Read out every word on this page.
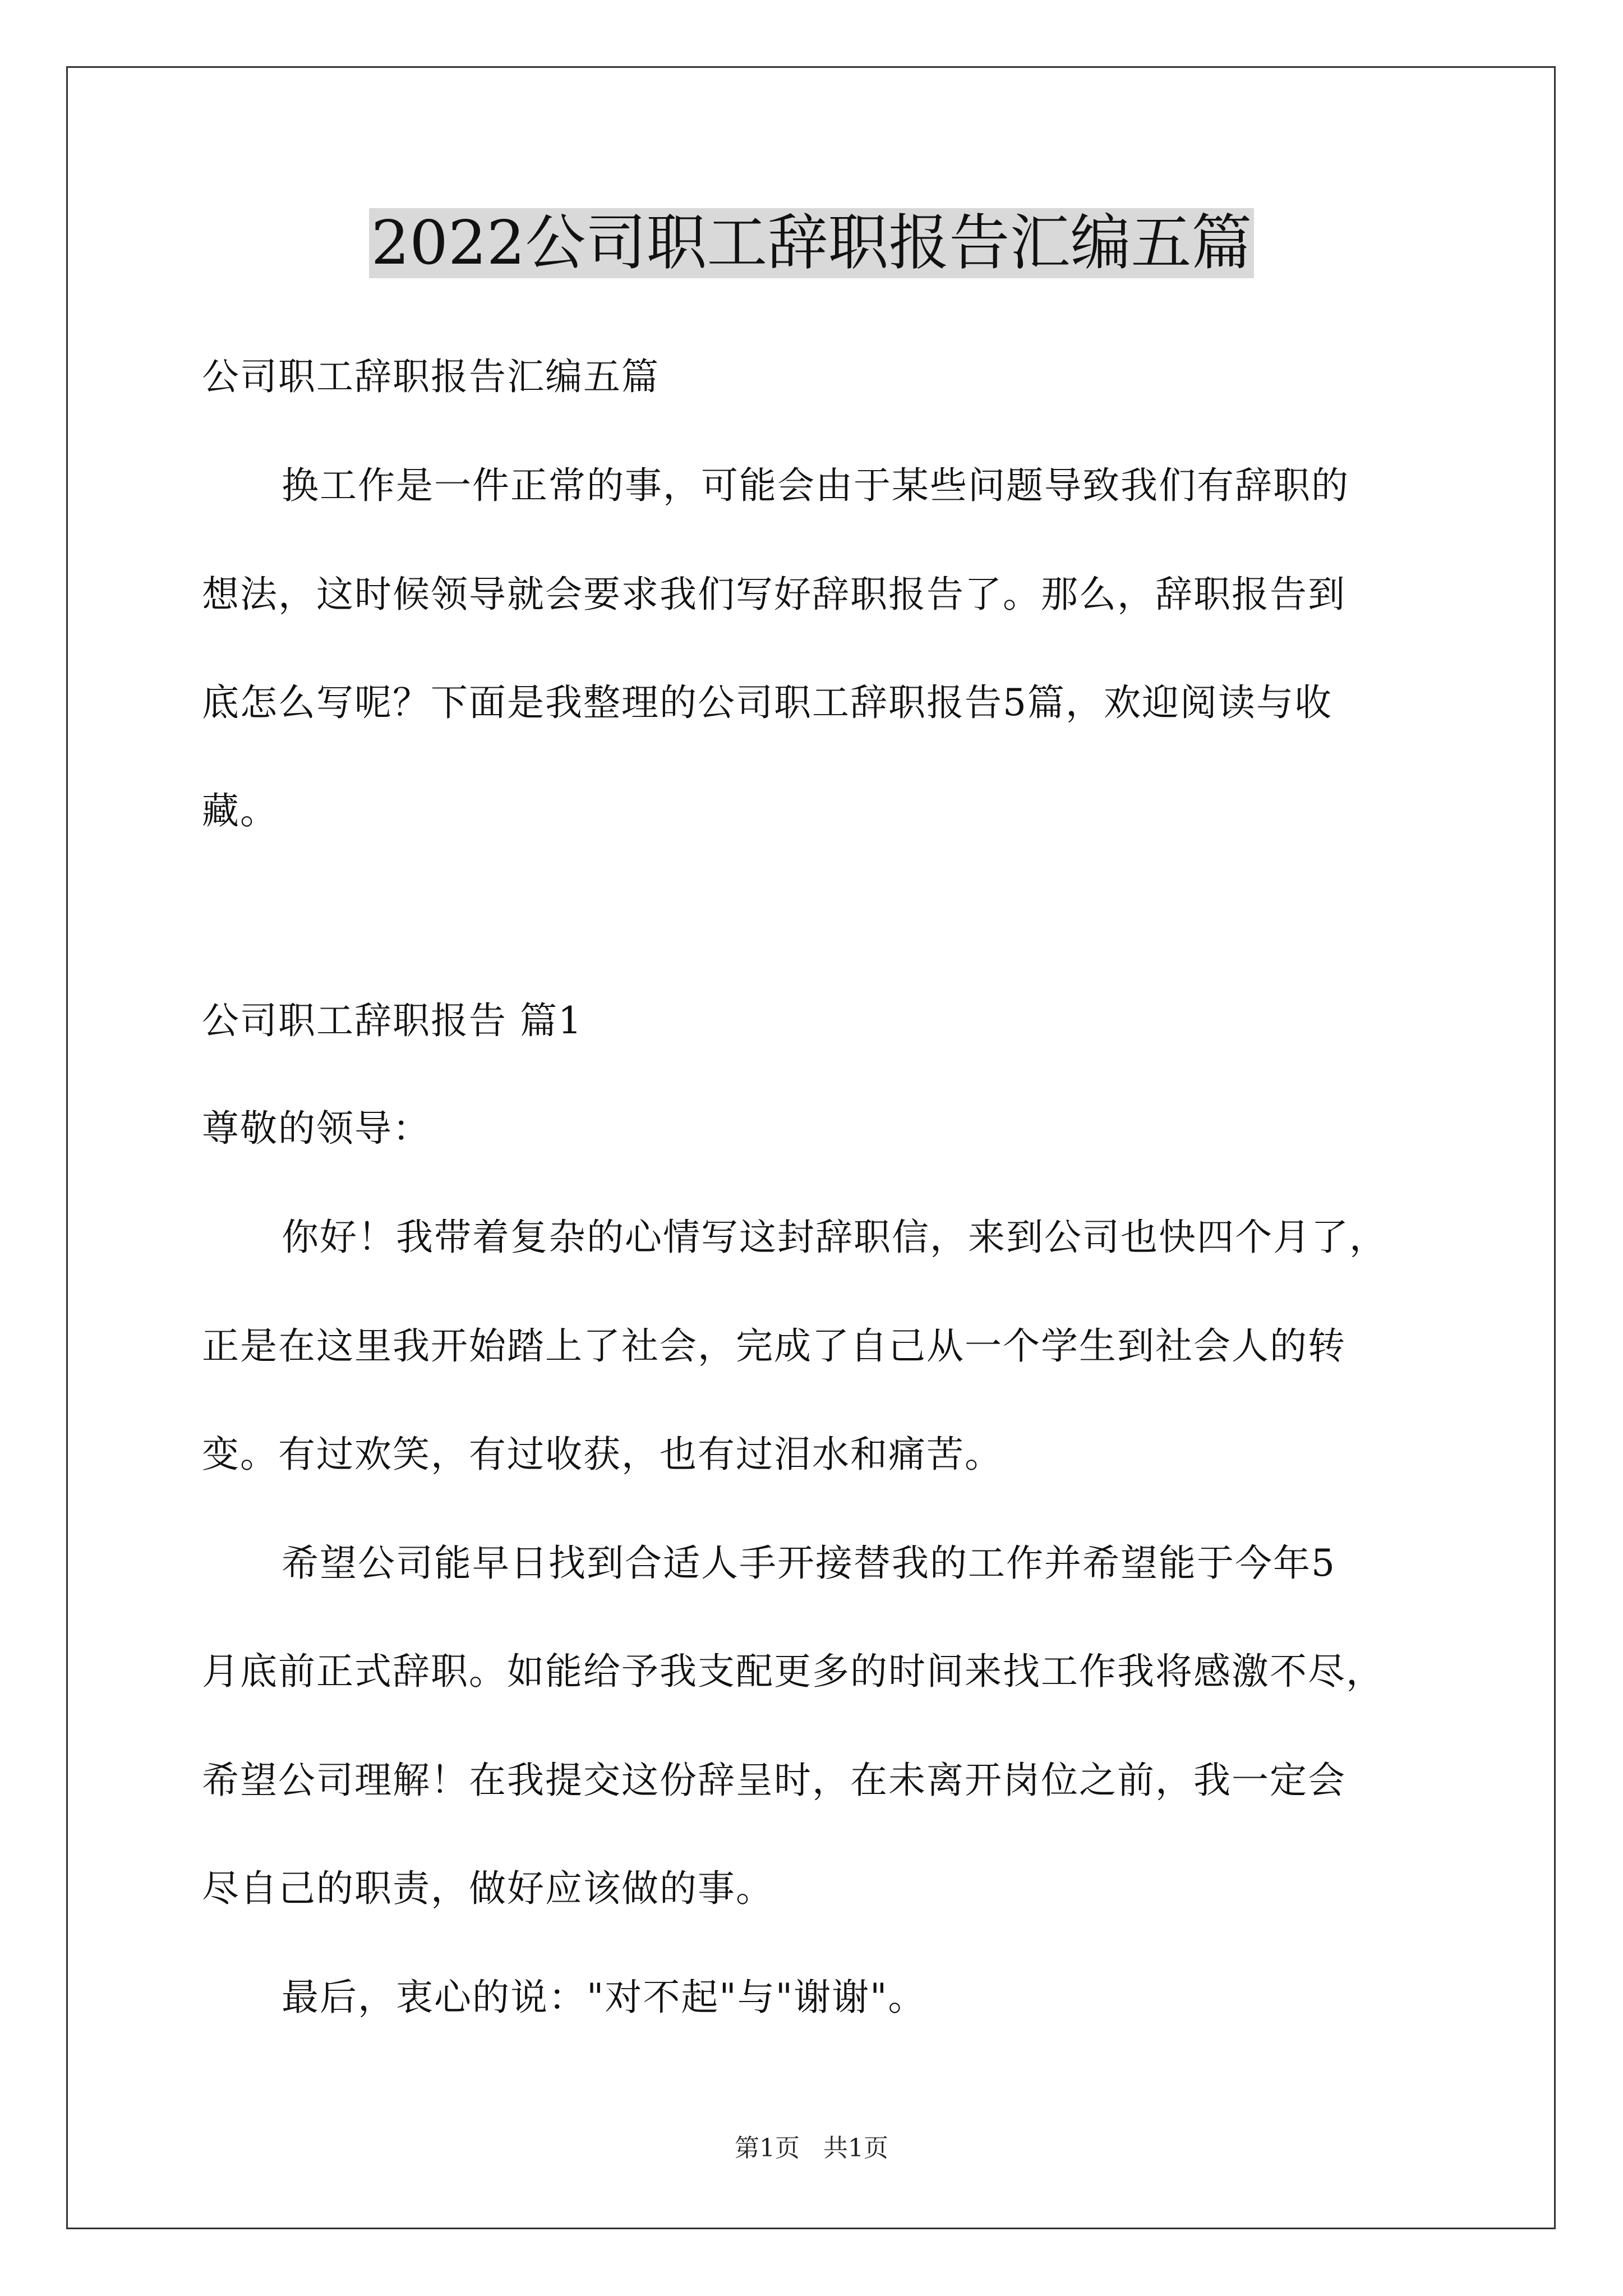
2022公司职工辞职报告汇编五篇
公司职工辞职报告汇编五篇
换工作是一件正常的事，可能会由于某些问题导致我们有辞职的
想法，这时候领导就会要求我们写好辞职报告了。那么，辞职报告到
底怎么写呢？下面是我整理的公司职工辞职报告5篇，欢迎阅读与收
藏。
公司职工辞职报告 篇1
尊敬的领导：
你好！我带着复杂的心情写这封辞职信，来到公司也快四个月了，
正是在这里我开始踏上了社会，完成了自己从一个学生到社会人的转
变。有过欢笑，有过收获，也有过泪水和痛苦。
希望公司能早日找到合适人手开接替我的工作并希望能于今年5
月底前正式辞职。如能给予我支配更多的时间来找工作我将感激不尽，
希望公司理解！在我提交这份辞呈时，在未离开岗位之前，我一定会
尽自己的职责，做好应该做的事。
最后，衷心的说："对不起"与"谢谢"。
第1页 共1页
